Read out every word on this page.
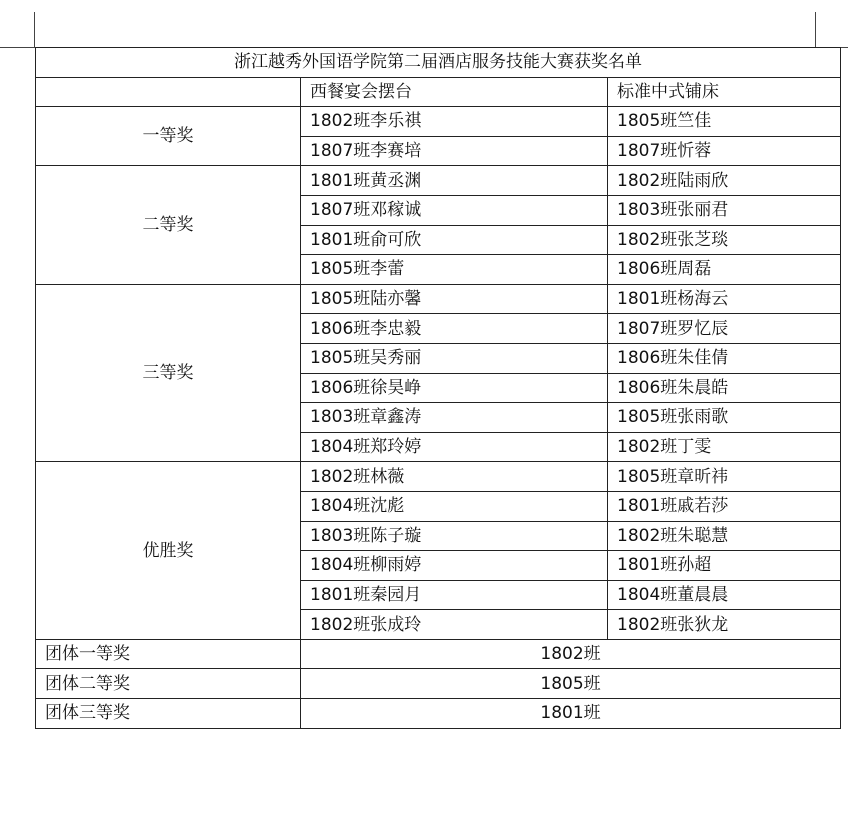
浙江越秀外国语学院第二届酒店服务技能大赛获奖名单		
	西餐宴会摆台	标准中式铺床
一等奖	1802班李乐祺	1805班竺佳
	1807班李赛培	1807班忻蓉
二等奖	1801班黄丞渊	1802班陆雨欣
	1807班邓稼诚	1803班张丽君
	1801班俞可欣	1802班张芝琰
	1805班李蕾	1806班周磊
三等奖	1805班陆亦馨	1801班杨海云
	1806班李忠毅	1807班罗忆辰
	1805班吴秀丽	1806班朱佳倩
	1806班徐昊峥	1806班朱晨皓
	1803班章鑫涛	1805班张雨歌
	1804班郑玲婷	1802班丁雯
优胜奖	1802班林薇	1805班章昕祎
	1804班沈彪	1801班戚若莎
	1803班陈子璇	1802班朱聪慧
	1804班柳雨婷	1801班孙超
	1801班秦园月	1804班董晨晨
	1802班张成玲	1802班张狄龙
团体一等奖	1802班	
团体二等奖	1805班	
团体三等奖	1801班	
